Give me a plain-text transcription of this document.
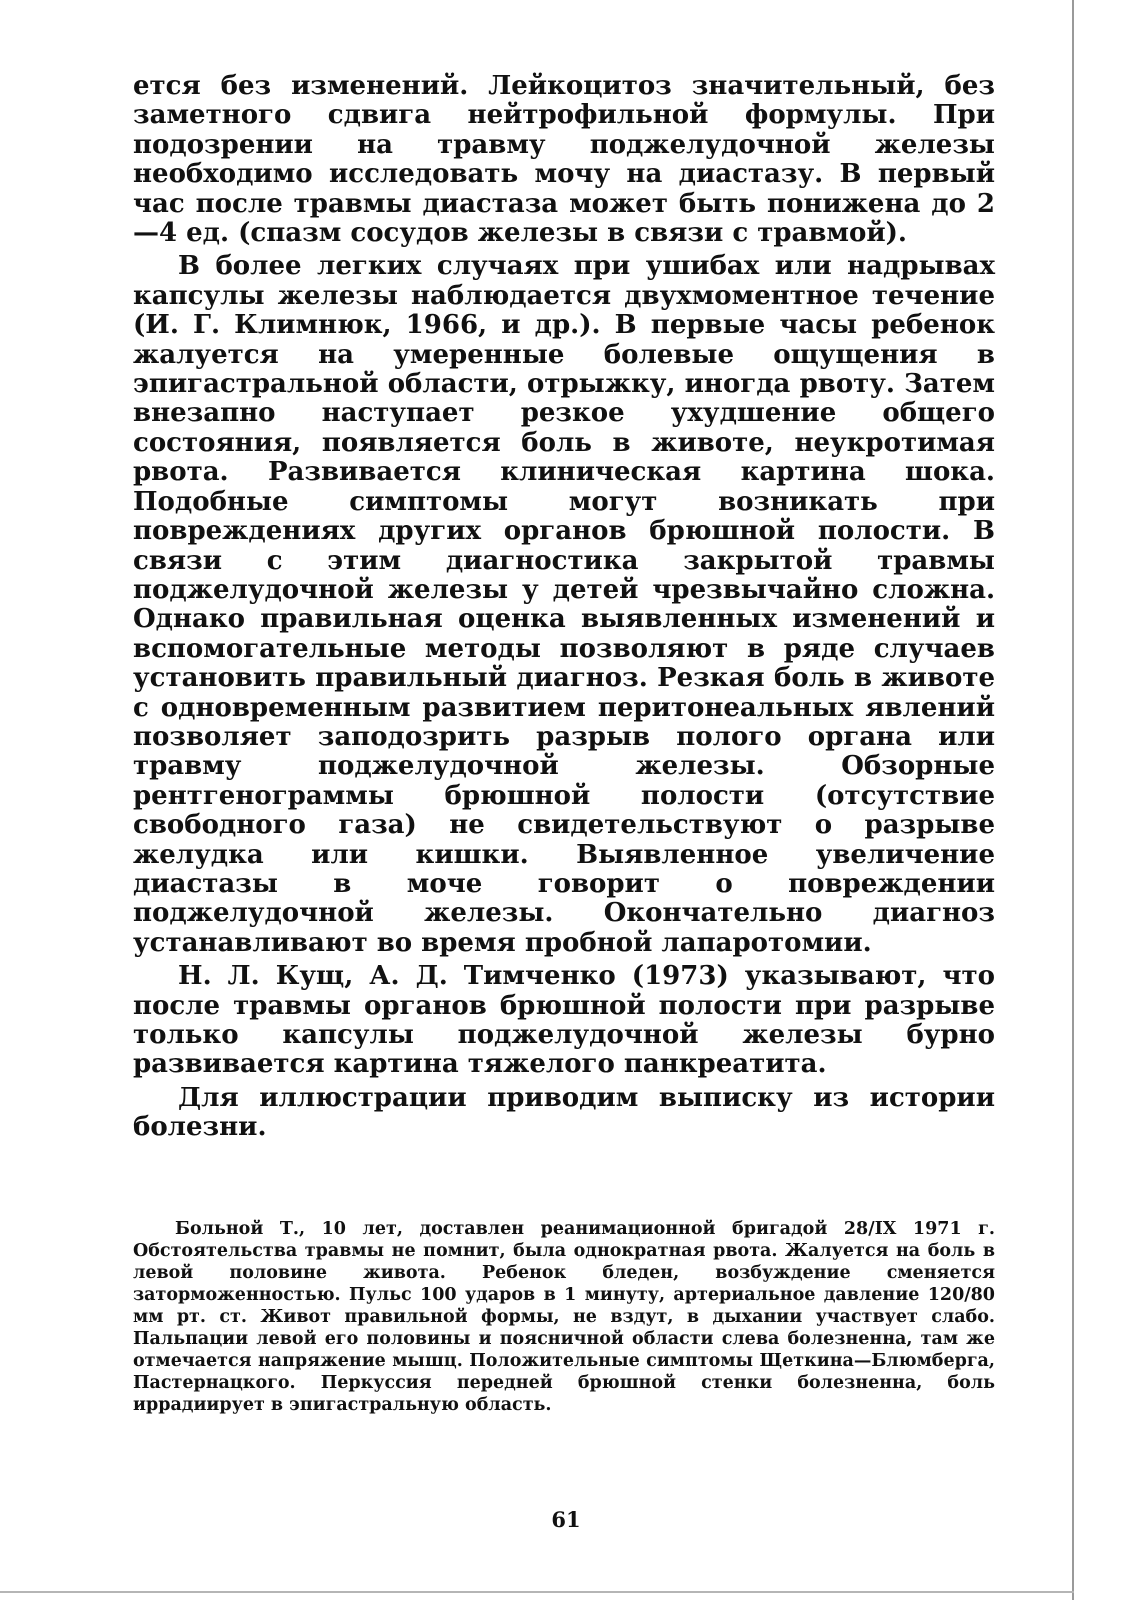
ется без изменений. Лейкоцитоз значительный, без заметного сдвига нейтрофильной формулы. При подозрении на травму поджелудочной железы необходимо исследовать мочу на диастазу. В первый час после травмы диастаза может быть понижена до 2—4 ед. (спазм сосудов железы в связи с травмой).

В более легких случаях при ушибах или надрывах капсулы железы наблюдается двухмоментное течение (И. Г. Климнюк, 1966, и др.). В первые часы ребенок жалуется на умеренные болевые ощущения в эпигастральной области, отрыжку, иногда рвоту. Затем внезапно наступает резкое ухудшение общего состояния, появляется боль в животе, неукротимая рвота. Развивается клиническая картина шока. Подобные симптомы могут возникать при повреждениях других органов брюшной полости. В связи с этим диагностика закрытой травмы поджелудочной железы у детей чрезвычайно сложна. Однако правильная оценка выявленных изменений и вспомогательные методы позволяют в ряде случаев установить правильный диагноз. Резкая боль в животе с одновременным развитием перитонеальных явлений позволяет заподозрить разрыв полого органа или травму поджелудочной железы. Обзорные рентгенограммы брюшной полости (отсутствие свободного газа) не свидетельствуют о разрыве желудка или кишки. Выявленное увеличение диастазы в моче говорит о повреждении поджелудочной железы. Окончательно диагноз устанавливают во время пробной лапаротомии.

Н. Л. Кущ, А. Д. Тимченко (1973) указывают, что после травмы органов брюшной полости при разрыве только капсулы поджелудочной железы бурно развивается картина тяжелого панкреатита.

Для иллюстрации приводим выписку из истории болезни.

Больной Т., 10 лет, доставлен реанимационной бригадой 28/IX 1971 г. Обстоятельства травмы не помнит, была однократная рвота. Жалуется на боль в левой половине живота. Ребенок бледен, возбуждение сменяется заторможенностью. Пульс 100 ударов в 1 минуту, артериальное давление 120/80 мм рт. ст. Живот правильной формы, не вздут, в дыхании участвует слабо. Пальпации левой его половины и поясничной области слева болезненна, там же отмечается напряжение мышц. Положительные симптомы Щеткина—Блюмберга, Пастернацкого. Перкуссия передней брюшной стенки болезненна, боль иррадиирует в эпигастральную область.

61
